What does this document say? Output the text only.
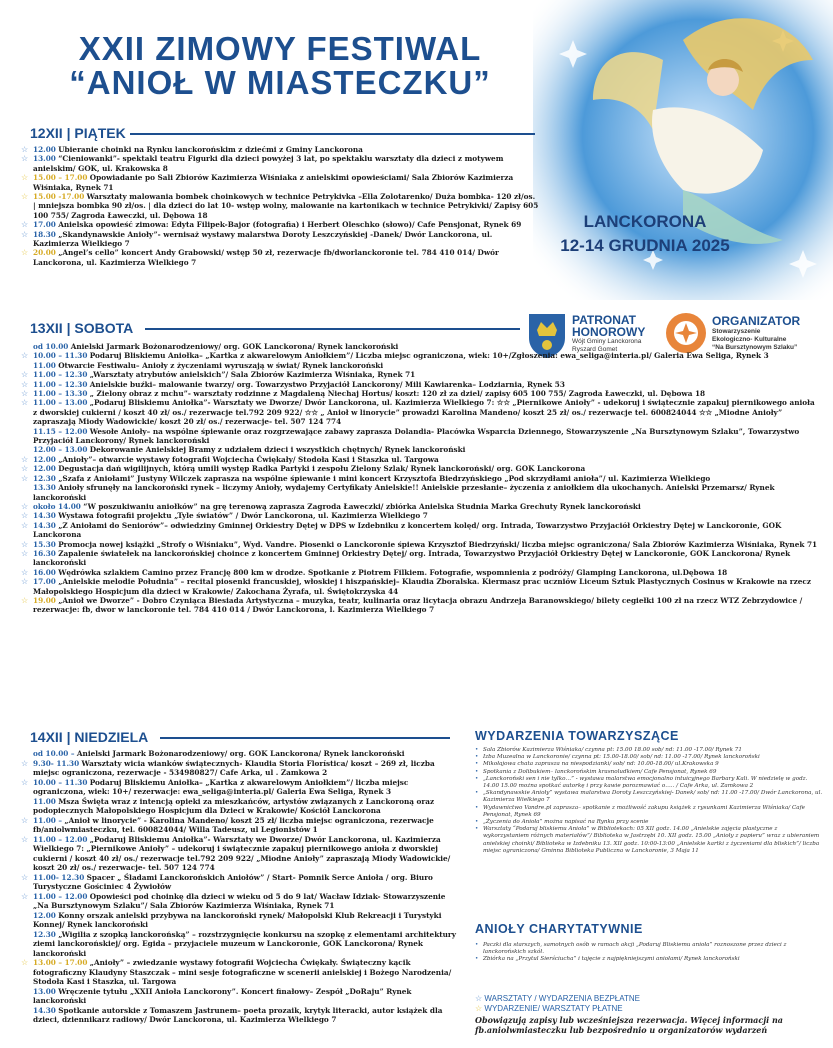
XXII ZIMOWY FESTIWAL
“ANIOŁ W MIASTECZKU”
LANCKORONA
12-14 GRUDNIA 2025
12XII | PIĄTEK
☆ 12.00 Ubieranie choinki na Rynku lanckorońskim z dziećmi z Gminy Lanckorona
☆ 13.00 “Cieniowanki”- spektakl teatru Figurki dla dzieci powyżej 3 lat, po spektaklu warsztaty dla dzieci z motywem anielskim/ GOK, ul. Krakowska 8
☆ 15.00 – 17.00 Opowiadanie po Sali Zbiorów Kazimierza Wiśniaka z anielskimi opowieściami/ Sala Zbiorów Kazimierza Wiśniaka, Rynek 71
☆ 15.00 -17.00 Warsztaty malowania bombek choinkowych w technice Petrykivka –Ella Zolotarenko/ Duża bombka- 120 zł/os. | mniejsza bombka 90 zł/os. | dla dzieci do lat 10- wstęp wolny, malowanie na kartonikach w technice Petrykivki/ Zapisy 605 100 755/ Zagroda Ławeczki, ul. Dębowa 18
☆ 17.00 Anielska opowieść zimowa: Edyta Filipek-Bajor (fotografia) i Herbert Oleschko (słowo)/ Cafe Pensjonat, Rynek 69
☆ 18.30 „Skandynawskie Anioły”- wernisaż wystawy malarstwa Doroty Leszczyńskiej -Danek/ Dwór Lanckorona, ul. Kazimierza Wielkiego 7
☆ 20.00 „Angel’s cello” koncert Andy Grabowski/ wstęp 50 zł, rezerwacje fb/dworlanckoronie tel. 784 410 014/ Dwór Lanckorona, ul. Kazimierza Wielkiego 7
PATRONAT
HONOROWY
Wójt Gminy Lanckorona
Ryszard Gomet
ORGANIZATOR
Stowarzyszenie
Ekologiczno- Kulturalne
“Na Bursztynowym Szlaku”
13XII | SOBOTA
od 10.00 Anielski Jarmark Bożonarodzeniowy/ org. GOK Lanckorona/ Rynek lanckoroński
☆ 10.00 – 11.30 Podaruj Bliskiemu Aniołka– „Kartka z akwarelowym Aniołkiem”/ Liczba miejsc ograniczona, wiek: 10+/Zgłoszenia: ewa_seliga@interia.pl/ Galeria Ewa Seliga, Rynek 3
11.00 Otwarcie Festiwalu– Anioły z życzeniami wyruszają w świat/ Rynek lanckoroński
☆ 11.00 – 12.30 „Warsztaty atrybutów anielskich”/ Sala Zbiorów Kazimierza Wiśniaka, Rynek 71
☆ 11.00 – 12.30 Anielskie buźki– malowanie twarzy/ org. Towarzystwo Przyjaciół Lanckorony/ Mili Kawiarenka– Lodziarnia, Rynek 53
☆ 11.00 – 13.30 „ Zielony obraz z mchu”- warsztaty rodzinne z Magdaleną Niechaj Hortus/ koszt: 120 zł za dziel/ zapisy 605 100 755/ Zagroda Ławeczki, ul. Dębowa 18
☆ 11.00 – 13.00 „Podaruj Bliskiemu Aniołka”- Warsztaty we Dworze/ Dwór Lanckorona, ul. Kazimierza Wielkiego 7: ☆☆ „Piernikowe Anioły” - udekoruj i świątecznie zapakuj piernikowego anioła z dworskiej cukierni / koszt 40 zł/ os./ rezerwacje tel.792 209 922/ ☆☆ „ Anioł w linorycie” prowadzi Karolina Mandeno/ koszt 25 zł/ os./ rezerwacje tel. 600824044 ☆☆ „Miodne Anioły” zapraszają Miody Wadowickie/ koszt 20 zł/ os./ rezerwacje- tel. 507 124 774
11.15 – 12.00 Wesołe Anioły– na wspólne śpiewanie oraz rozgrzewające zabawy zaprasza Dolandia- Placówka Wsparcia Dziennego, Stowarzyszenie „Na Bursztynowym Szlaku”, Towarzystwo Przyjaciół Lanckorony/ Rynek lanckoroński
12.00 – 13.00 Dekorowanie Anielskiej Bramy z udziałem dzieci i wszystkich chętnych/ Rynek lanckoroński
☆ 12.00 „Anioły”– otwarcie wystawy fotografii Wojciecha Ćwiękały/ Stodoła Kasi i Staszka ul. Targowa
☆ 12.00 Degustacja dań wigilijnych, którą umili występ Radka Partyki i zespołu Zielony Szlak/ Rynek lanckoroński/ org. GOK Lanckorona
☆ 12.30 „Szafa z Aniołami” Justyny Wilczek zaprasza na wspólne śpiewanie i mini koncert Krzysztofa Biedrzyńskiego „Pod skrzydłami anioła”/ ul. Kazimierza Wielkiego
13.30 Anioły sfrunęły na lanckoroński rynek – liczymy Anioły, wydajemy Certyfikaty Anielskie!! Anielskie przesłanie– życzenia z aniołkiem dla ukochanych. Anielski Przemarsz/ Rynek lanckoroński
☆ około 14.00 “W poszukiwaniu aniołków” na grę terenową zaprasza Zagroda Ławeczki/ zbiórka Anielska Studnia Marka Grechuty Rynek lanckoroński
☆ 14.30 Wystawa fotografii projektu „Tyle światów” / Dwór Lanckorona, ul. Kazimierza Wielkiego 7
☆ 14.30 „Z Aniołami do Seniorów”– odwiedziny Gminnej Orkiestry Dętej w DPS w Izdebniku z koncertem kolęd/ org. Intrada, Towarzystwo Przyjaciół Orkiestry Dętej w Lanckoronie, GOK Lanckorona
☆ 15.30 Promocja nowej książki „Strofy o Wiśniaku”, Wyd. Vandre. Piosenki o Lanckoronie śpiewa Krzysztof Biedrzyński/ liczba miejsc ograniczona/ Sala Zbiorów Kazimierza Wiśniaka, Rynek 71
☆ 16.30 Zapalenie światełek na lanckorońskiej choince z koncertem Gminnej Orkiestry Dętej/ org. Intrada, Towarzystwo Przyjaciół Orkiestry Dętej w Lanckoronie, GOK Lanckorona/ Rynek lanckoroński
☆ 16.00 Wędrówka szlakiem Camino przez Francję 800 km w drodze. Spotkanie z Piotrem Filkiem. Fotografie, wspomnienia z podróży/ Glamping Lanckorona, ul.Dębowa 18
☆ 17.00 „Anielskie melodie Południa” – recital piosenki francuskiej, włoskiej i hiszpańskiej– Klaudia Zboralska. Kiermasz prac uczniów Liceum Sztuk Plastycznych Cosinus w Krakowie na rzecz Małopolskiego Hospicjum dla dzieci w Krakowie/ Zakochana Żyrafa, ul. Świętokrzyska 44
☆ 19.00 „Anioł we Dworze” - Dobro Czyniąca Biesiada Artystyczna – muzyka, teatr, kulinaria oraz licytacja obrazu Andrzeja Baranowskiego/ bilety cegiełki 100 zł na rzecz WTZ Zebrzydowice / rezerwacje: fb, dwor w lanckoronie tel. 784 410 014 / Dwór Lanckorona, l. Kazimierza Wielkiego 7
14XII | NIEDZIELA
od 10.00 – Anielski Jarmark Bożonarodzeniowy/ org. GOK Lanckorona/ Rynek lanckoroński
☆ 9.30- 11.30 Warsztaty wicia wianków świątecznych- Klaudia Storia Florística/ koszt – 269 zł, liczba miejsc ograniczona, rezerwacje - 534980827/ Cafe Arka, ul . Zamkowa 2
☆ 10.00 – 11.30 Podaruj Bliskiemu Aniołka– „Kartka z akwarelowym Aniołkiem”/ liczba miejsc ograniczona, wiek: 10+/ rezerwacje: ewa_seliga@interia.pl/ Galeria Ewa Seliga, Rynek 3
11.00 Msza Święta wraz z intencją opieki za mieszkańców, artystów związanych z Lanckoroną oraz podopiecznych Małopolskiego Hospicjum dla Dzieci w Krakowie/ Kościół Lanckorona
☆ 11.00 – „Anioł w linorycie” - Karolina Mandeno/ koszt 25 zł/ liczba miejsc ograniczona, rezerwacje fb/aniolwmiasteczku, tel. 600824044/ Willa Tadeusz, ul Legionistów 1
☆ 11.00 – 12.00 „Podaruj Bliskiemu Aniołka”- Warsztaty we Dworze/ Dwór Lanckorona, ul. Kazimierza Wielkiego 7: „Piernikowe Anioły” – udekoruj i świątecznie zapakuj piernikowego anioła z dworskiej cukierni / koszt 40 zł/ os./ rezerwacje tel.792 209 922/ „Miodne Anioły” zapraszają Miody Wadowickie/ koszt 20 zł/ os./ rezerwacje- tel. 507 124 774
☆ 11.00- 12.30 Spacer „ Śladami Lanckorońskich Aniołów” / Start- Pomnik Serce Anioła / org. Biuro Turystyczne Gościniec 4 Żywiołów
☆ 11.00 – 12.00 Opowieści pod choinkę dla dzieci w wieku od 5 do 9 lat/ Wacław Idziak- Stowarzyszenie „Na Bursztynowym Szlaku”/ Sala Zbiorów Kazimierza Wiśniaka, Rynek 71
12.00 Konny orszak anielski przybywa na lanckoroński rynek/ Małopolski Klub Rekreacji i Turystyki Konnej/ Rynek lanckoroński
12.30 „Wigilia z szopką lanckorońską” – rozstrzygnięcie konkursu na szopkę z elementami architektury ziemi lanckorońskiej/ org. Egida – przyjaciele muzeum w Lanckoronie, GOK Lanckorona/ Rynek lanckoroński
☆ 13.00 – 17.00 „Anioły” – zwiedzanie wystawy fotografii Wojciecha Ćwiękały. Świąteczny kącik fotograficzny Klaudyny Staszczak – mini sesje fotograficzne w scenerii anielskiej i Bożego Narodzenia/ Stodoła Kasi i Staszka, ul. Targowa
13.00 Wręczenie tytułu „XXII Anioła Lanckorony”. Koncert finałowy– Zespół „DoRaju” Rynek lanckoroński
14.30 Spotkanie autorskie z Tomaszem Jastrunem– poeta prozaik, krytyk literacki, autor książek dla dzieci, dziennikarz radiowy/ Dwór Lanckorona, ul. Kazimierza Wielkiego 7
WYDARZENIA TOWARZYSZĄCE
• Sala Zbiorów Kazimierza Wiśniaka/ czynna pt: 15.00 18.00 sob/ nd: 11.00 -17.00/ Rynek 71
• Izba Muzealna w Lanckoronie/ czynna pt: 15.00-18.00/ sob/ nd: 11.00 -17.00/ Rynek lanckoroński
• Mikołajowa chata zaprasza na niespodzianki/ sob/ nd: 10.00-18.00/ ul.Krakowska 9
• Spotkania z Dolibukiem– lanckorońskim krasnoludkiem/ Cafe Pensjonat, Rynek 69
• „Lanckoroński sen i nie tylko…” - wystawa malarstwa emocjonalno intuicyjnego Barbary Kali. W niedzielę w godz. 14.00 15.00 można spotkać autorkę i przy kawie porozmawiać o….. / Cafe Arka, ul. Zamkowa 2
• „Skandynawskie Anioły” wystawa malarstwa Doroty Leszczyńskiej- Danek/ sob/ nd: 11.00 -17.00/ Dwór Lanckorona, ul. Kazimierza Wielkiego 7
• Wydawnictwo Vandre.pl zaprasza– spotkanie z możliwość zakupu książek z rysunkami Kazimierza Wiśniaka/ Cafe Pensjonat, Rynek 69
• „Życzenia do Anioła” można napisać na Rynku przy scenie
• Warsztaty “Podaruj bliskiemu Anioła” w Bibliotekach: 05 XII godz. 14.00 „Anielskie zajęcia plastyczne z wykorzystaniem różnych materiałów”/ Biblioteka w Jastrzębi 10. XII godz. 15.00 „Anioły z papieru” wraz z ubieraniem anielskiej choinki/ Biblioteka w Izdebniku 13. XII godz. 10:00-13:00 „Anielskie kartki z życzeniami dla bliskich”/ liczba miejsc ograniczona/ Gminna Biblioteka Publiczna w Lanckoronie, 3 Maja 11
ANIOŁY CHARYTATYWNIE
• Paczki dla starszych, samotnych osób w ramach akcji „Podaruj Bliskiemu anioła” roznoszone przez dzieci z lanckorońskich szkół.
• Zbiórka na „Przytul Sierściucha” i tajęcie z najpiękniejszymi aniołami/ Rynek lanckoroński
☆ WARSZTATY / WYDARZENIA BEZPŁATNE
☆ WYDARZENIE/ WARSZTATY PŁATNE
Obowiązują zapisy lub wcześniejsza rezerwacja. Więcej informacji na fb.aniolwmiasteczku lub bezpośrednio u organizatorów wydarzeń
